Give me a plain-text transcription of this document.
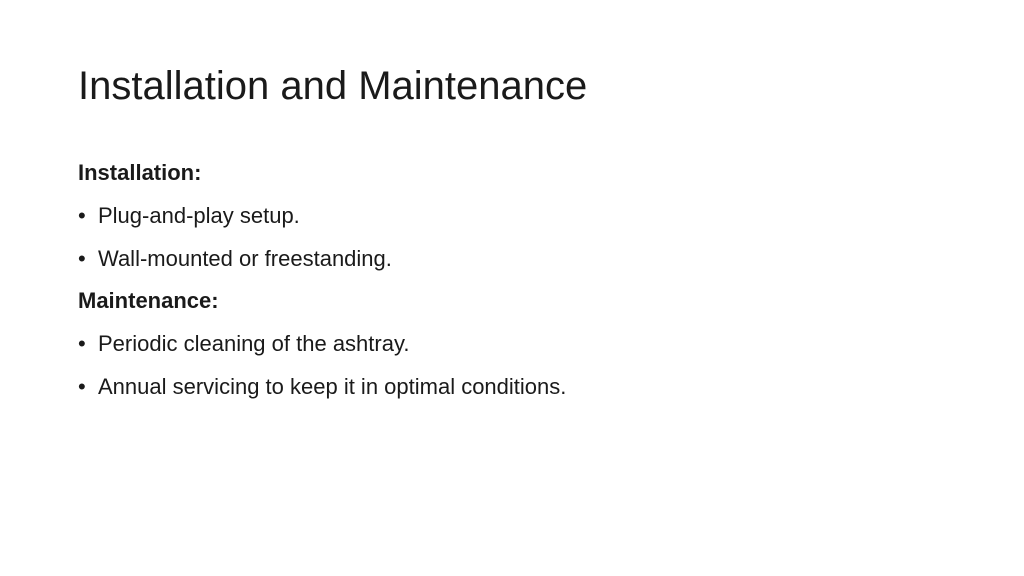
Installation and Maintenance

Installation:

• Plug-and-play setup.
• Wall-mounted or freestanding.

Maintenance:

• Periodic cleaning of the ashtray.
• Annual servicing to keep it in optimal conditions.
